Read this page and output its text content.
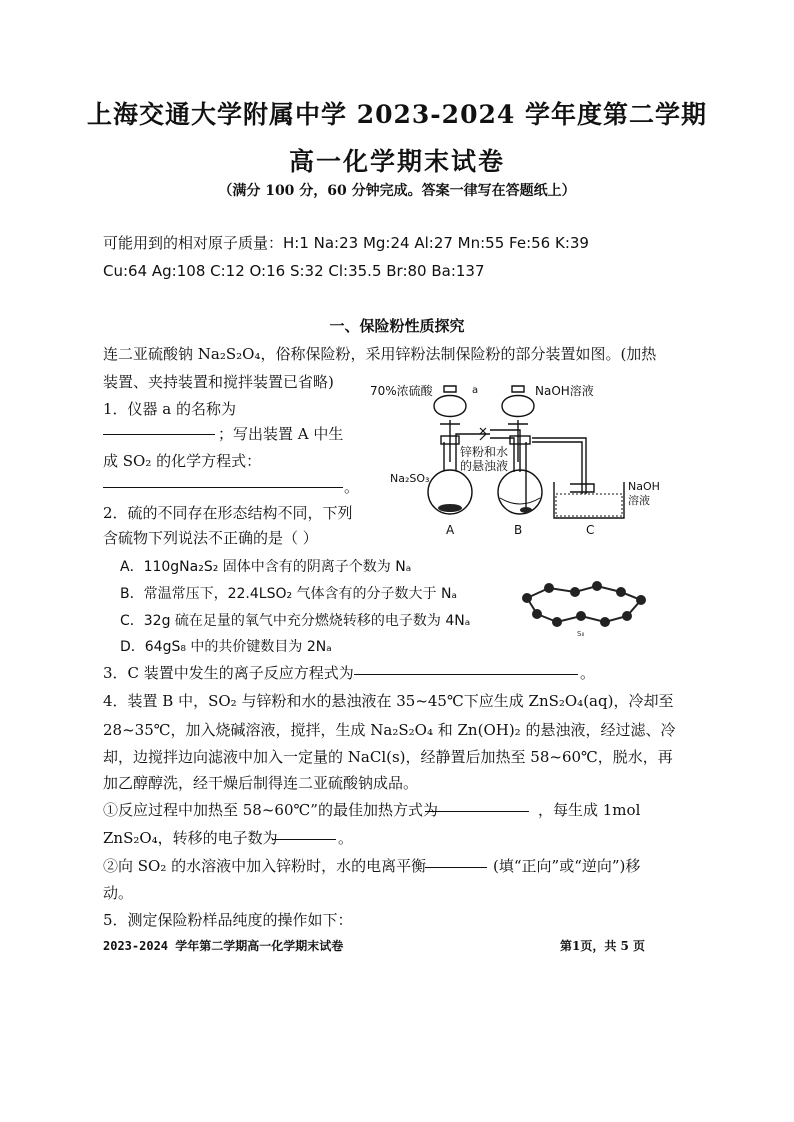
上海交通大学附属中学 2023-2024 学年度第二学期
高一化学期末试卷
（满分 100 分，60 分钟完成。答案一律写在答题纸上）
可能用到的相对原子质量：H:1 Na:23 Mg:24 Al:27 Mn:55 Fe:56 K:39
Cu:64 Ag:108 C:12 O:16 S:32 Cl:35.5 Br:80 Ba:137
一、保险粉性质探究
连二亚硫酸钠 Na₂S₂O₄，俗称保险粉，采用锌粉法制保险粉的部分装置如图。(加热
装置、夹持装置和搅拌装置已省略)
1．仪器 a 的名称为
；写出装置 A 中生
成 SO₂ 的化学方程式：
。
2．硫的不同存在形态结构不同，下列
含硫物下列说法不正确的是（ ）
A．110gNa₂S₂ 固体中含有的阴离子个数为 Nₐ
B．常温常压下，22.4LSO₂ 气体含有的分子数大于 Nₐ
C．32g 硫在足量的氧气中充分燃烧转移的电子数为 4Nₐ
D．64gS₈ 中的共价键数目为 2Nₐ
3．C 装置中发生的离子反应方程式为	。
4．装置 B 中，SO₂ 与锌粉和水的悬浊液在 35~45℃下应生成 ZnS₂O₄(aq)，冷却至
28~35℃，加入烧碱溶液，搅拌，生成 Na₂S₂O₄ 和 Zn(OH)₂ 的悬浊液，经过滤、冷
却，边搅拌边向滤液中加入一定量的 NaCl(s)，经静置后加热至 58~60℃，脱水，再
加乙醇醇洗，经干燥后制得连二亚硫酸钠成品。
①反应过程中加热至 58~60℃”的最佳加热方式为	，每生成 1mol
ZnS₂O₄，转移的电子数为	。
②向 SO₂ 的水溶液中加入锌粉时，水的电离平衡	(填“正向”或“逆向”)移
动。
5．测定保险粉样品纯度的操作如下：
2023-2024 学年第二学期高一化学期末试卷	第1页，共 5 页
70%浓硫酸	a	NaOH溶液
锌粉和水
的悬浊液
Na₂SO₃
NaOH
溶液
A	B	C
S₈
